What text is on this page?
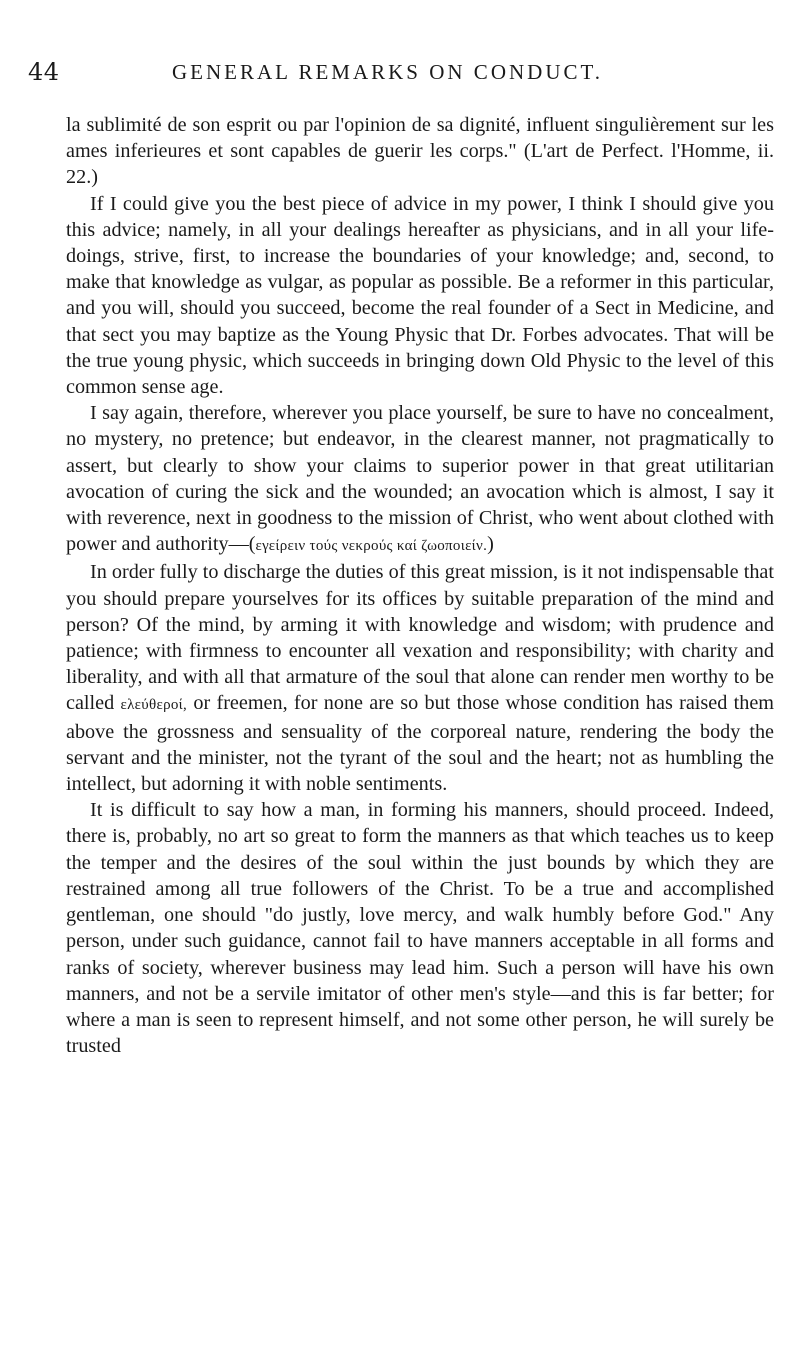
44	GENERAL REMARKS ON CONDUCT.

la sublimité de son esprit ou par l'opinion de sa dignité, influent singulièrement sur les ames inferieures et sont capables de guerir les corps." (L'art de Perfect. l'Homme, ii. 22.)

If I could give you the best piece of advice in my power, I think I should give you this advice; namely, in all your dealings hereafter as physicians, and in all your life-doings, strive, first, to increase the boundaries of your knowledge; and, second, to make that knowledge as vulgar, as popular as possible. Be a reformer in this particular, and you will, should you succeed, become the real founder of a Sect in Medicine, and that sect you may baptize as the Young Physic that Dr. Forbes advocates. That will be the true young physic, which succeeds in bringing down Old Physic to the level of this common sense age.

I say again, therefore, wherever you place yourself, be sure to have no concealment, no mystery, no pretence; but endeavor, in the clearest manner, not pragmatically to assert, but clearly to show your claims to superior power in that great utilitarian avocation of curing the sick and the wounded; an avocation which is almost, I say it with reverence, next in goodness to the mission of Christ, who went about clothed with power and authority—(εγείρειν τούς νεκρούς καί ζωοποιείν.)

In order fully to discharge the duties of this great mission, is it not indispensable that you should prepare yourselves for its offices by suitable preparation of the mind and person? Of the mind, by arming it with knowledge and wisdom; with prudence and patience; with firmness to encounter all vexation and responsibility; with charity and liberality, and with all that armature of the soul that alone can render men worthy to be called ελεύθεροί, or freemen, for none are so but those whose condition has raised them above the grossness and sensuality of the corporeal nature, rendering the body the servant and the minister, not the tyrant of the soul and the heart; not as humbling the intellect, but adorning it with noble sentiments.

It is difficult to say how a man, in forming his manners, should proceed. Indeed, there is, probably, no art so great to form the manners as that which teaches us to keep the temper and the desires of the soul within the just bounds by which they are restrained among all true followers of the Christ. To be a true and accomplished gentleman, one should "do justly, love mercy, and walk humbly before God." Any person, under such guidance, cannot fail to have manners acceptable in all forms and ranks of society, wherever business may lead him. Such a person will have his own manners, and not be a servile imitator of other men's style—and this is far better; for where a man is seen to represent himself, and not some other person, he will surely be trusted
